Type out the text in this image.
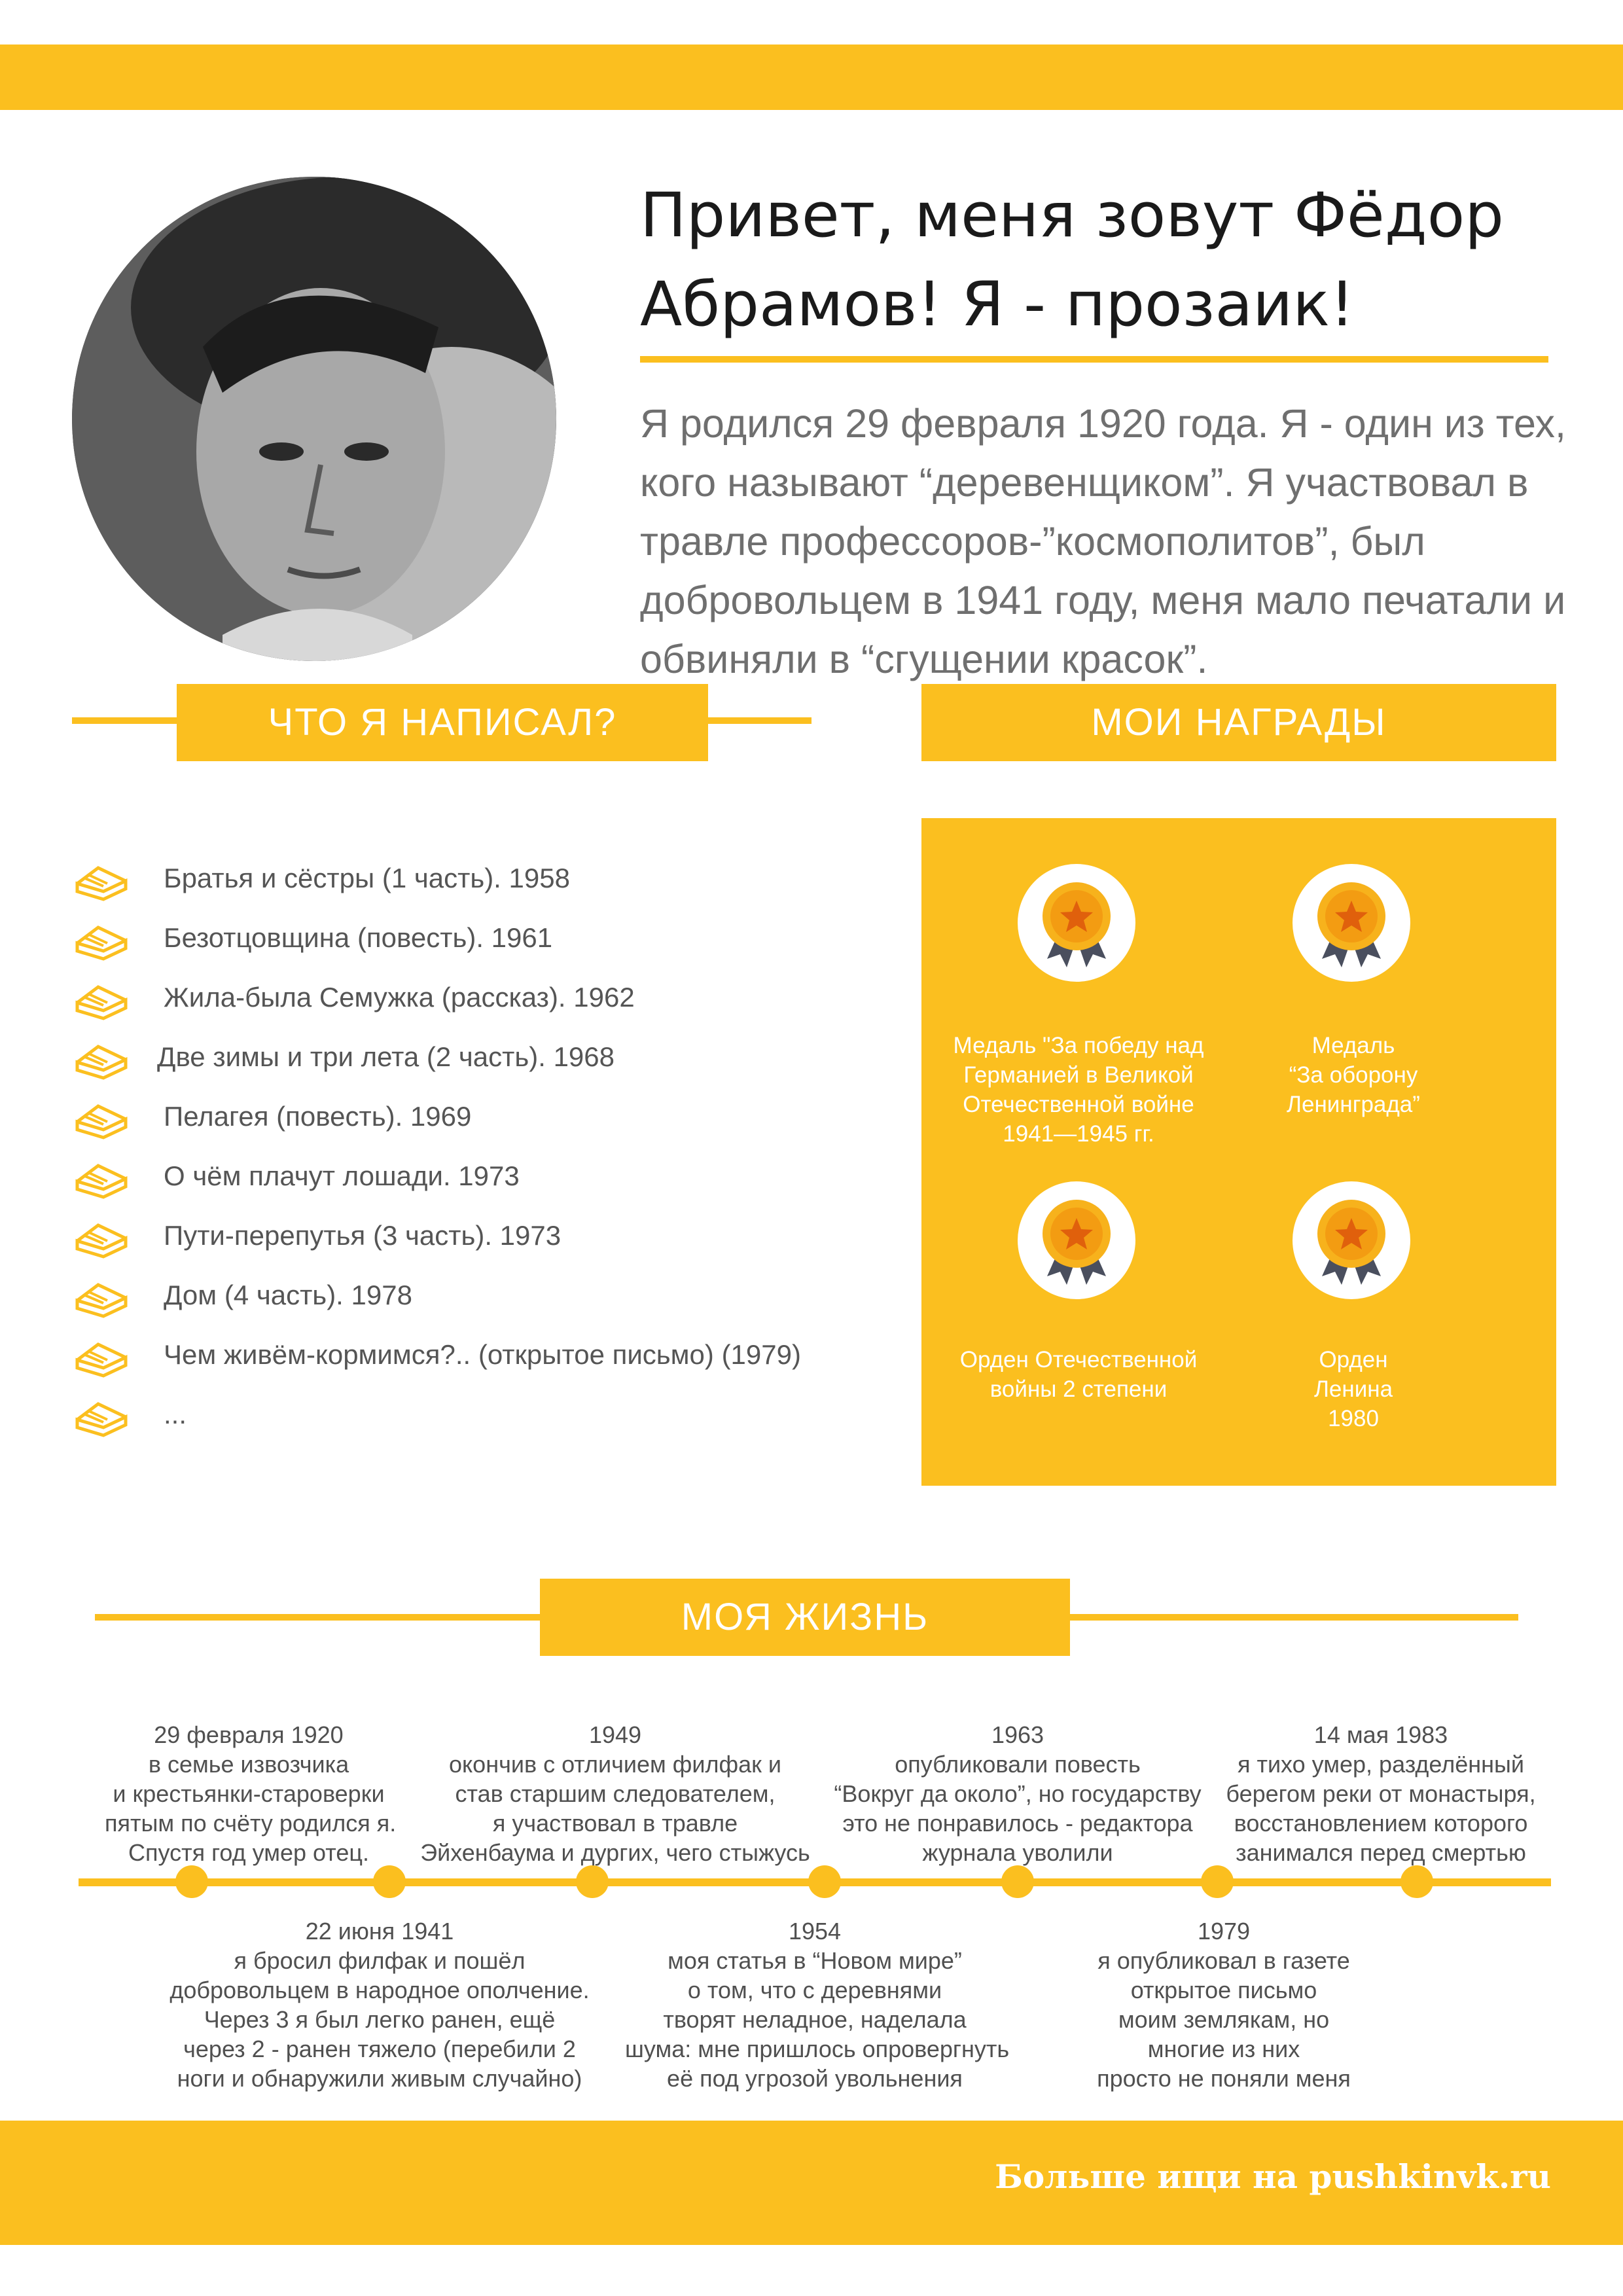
Привет, меня зовут Фёдор
Абрамов! Я - прозаик!
Я родился 29 февраля 1920 года. Я - один из тех,
кого называют “деревенщиком”. Я участвовал в
травле профессоров-”космополитов”, был
добровольцем в 1941 году, меня мало печатали и
обвиняли в “сгущении красок”.
ЧТО Я НАПИСАЛ?	МОИ НАГРАДЫ
Братья и сёстры (1 часть). 1958
Безотцовщина (повесть). 1961
Жила-была Семужка (рассказ). 1962
Две зимы и три лета (2 часть). 1968
Пелагея (повесть). 1969
О чём плачут лошади. 1973
Пути-перепутья (3 часть). 1973
Дом (4 часть). 1978
Чем живём-кормимся?.. (открытое письмо) (1979)
...
Медаль "За победу над
Германией в Великой
Отечественной войне
1941—1945 гг.
Медаль
“За оборону
Ленинграда”
Орден Отечественной
войны 2 степени
Орден
Ленина
1980
МОЯ ЖИЗНЬ
29 февраля 1920
в семье извозчика
и крестьянки-староверки
пятым по счёту родился я.
Спустя год умер отец.
1949
окончив с отличием филфак и
став старшим следователем,
я участвовал в травле
Эйхенбаума и дургих, чего стыжусь
1963
опубликовали повесть
“Вокруг да около”, но государству
это не понравилось - редактора
журнала уволили
14 мая 1983
я тихо умер, разделённый
берегом реки от монастыря,
восстановлением которого
занимался перед смертью
22 июня 1941
я бросил филфак и пошёл
добровольцем в народное ополчение.
Через 3 я был легко ранен, ещё
через 2 - ранен тяжело (перебили 2
ноги и обнаружили живым случайно)
1954
моя статья в “Новом мире”
о том, что с деревнями
творят неладное, наделала
шума: мне пришлось опровергнуть
её под угрозой увольнения
1979
я опубликовал в газете
открытое письмо
моим землякам, но
многие из них
просто не поняли меня
Больше ищи на pushkinvk.ru
